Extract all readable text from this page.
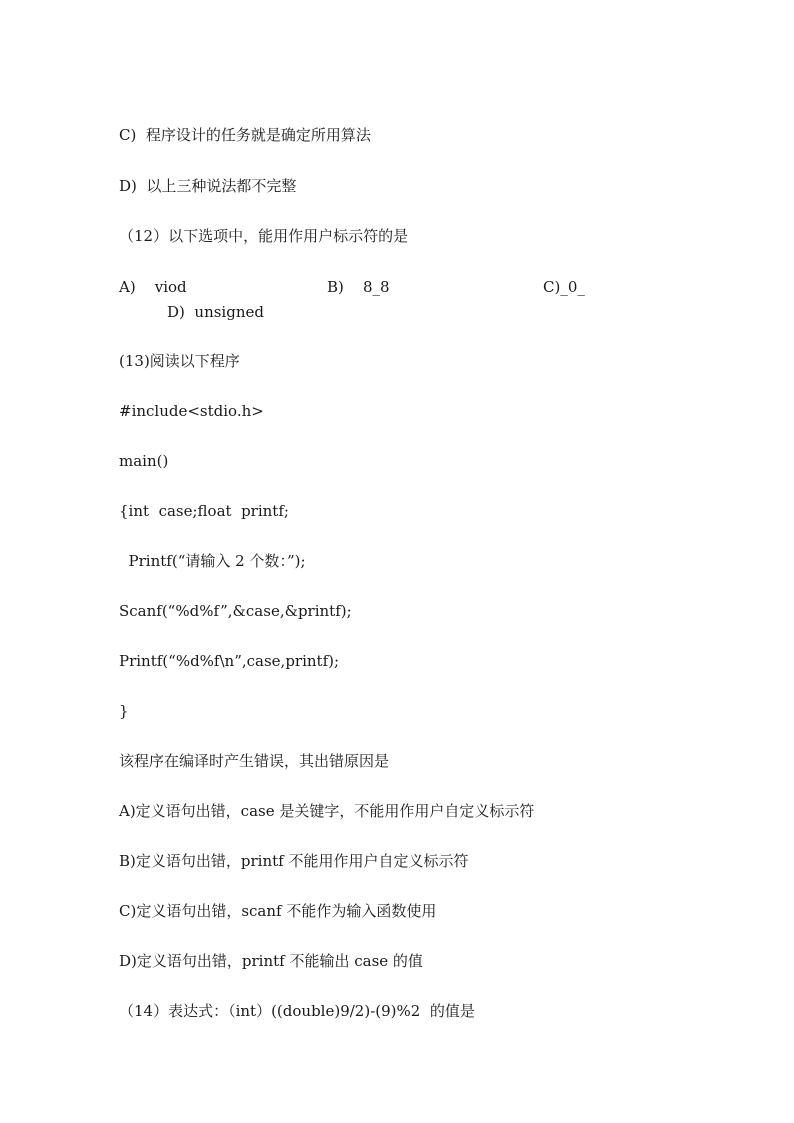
C)  程序设计的任务就是确定所用算法

D)  以上三种说法都不完整

（12）以下选项中，能用作用户标示符的是

A)    viod	B)    8_8	C)_0_
D)  unsigned

(13)阅读以下程序

#include<stdio.h>

main()

{int  case;float  printf;

Printf(“请输入 2 个数：”);

Scanf(“%d%f”,&case,&printf);

Printf(“%d%f\n”,case,printf);

}

该程序在编译时产生错误，其出错原因是

A)定义语句出错，case 是关键字，不能用作用户自定义标示符

B)定义语句出错，printf 不能用作用户自定义标示符

C)定义语句出错，scanf 不能作为输入函数使用

D)定义语句出错，printf 不能输出 case 的值

（14）表达式：（int）((double)9/2)-(9)%2  的值是
